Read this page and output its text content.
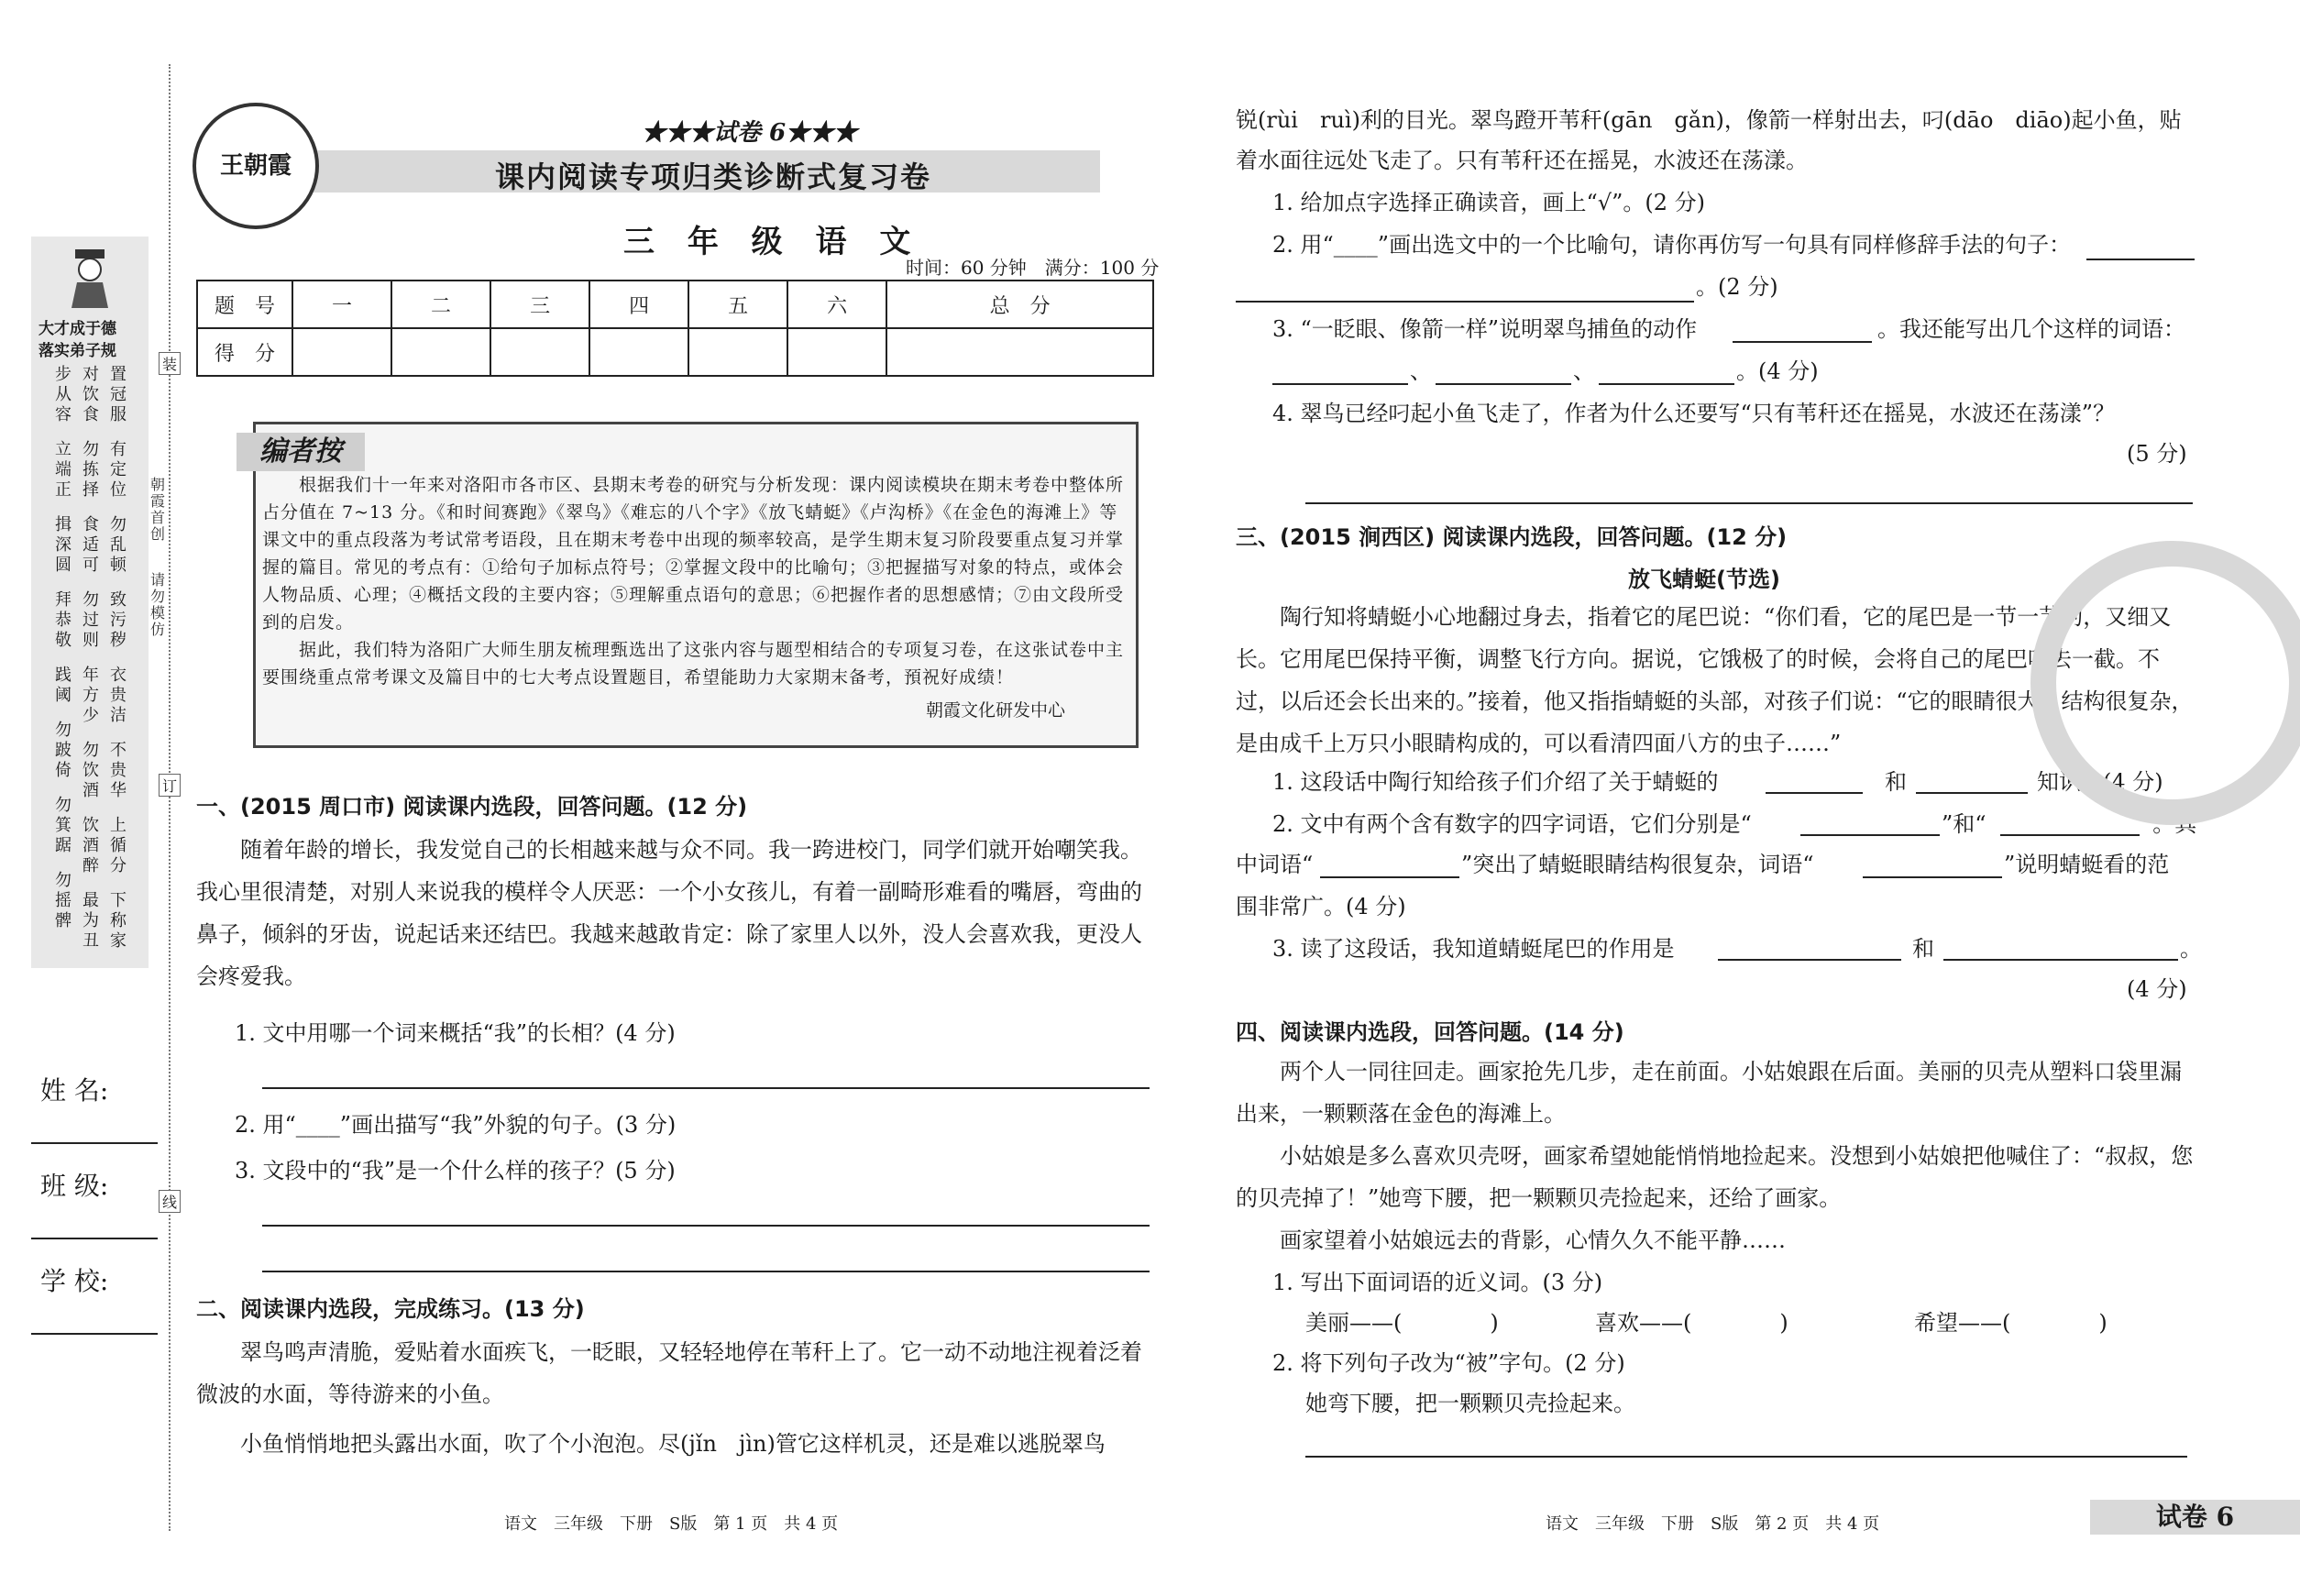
大才成于德
落实弟子规
步从容
立端正
揖深圆
拜恭敬
践阈
勿跛倚
勿箕踞
勿摇髀
对饮食
勿拣择
食适可
勿过则
年方少
勿饮酒
饮酒醉
最为丑
置冠服
有定位
勿乱顿
致污秽
衣贵洁
不贵华
上循分
下称家
装
订
线
朝霞首创
请勿模仿
姓 名:
班 级:
学 校:
王朝霞
★★★试卷 6★★★
课内阅读专项归类诊断式复习卷
三 年 级 语 文
时间：60 分钟　满分：100 分
题　号	一	二	三	四	五	六	总　分
得　分							
编者按
根据我们十一年来对洛阳市各市区、县期末考卷的研究与分析发现：课内阅读模块在期末考卷中整体所占分值在 7~13 分。《和时间赛跑》《翠鸟》《难忘的八个字》《放飞蜻蜓》《卢沟桥》《在金色的海滩上》等课文中的重点段落为考试常考语段，且在期末考卷中出现的频率较高，是学生期末复习阶段要重点复习并掌握的篇目。常见的考点有：①给句子加标点符号；②掌握文段中的比喻句；③把握描写对象的特点，或体会人物品质、心理；④概括文段的主要内容；⑤理解重点语句的意思；⑥把握作者的思想感情；⑦由文段所受到的启发。
据此，我们特为洛阳广大师生朋友梳理甄选出了这张内容与题型相结合的专项复习卷，在这张试卷中主要围绕重点常考课文及篇目中的七大考点设置题目，希望能助力大家期末备考，預祝好成绩！
朝霞文化研发中心
一、(2015 周口市) 阅读课内选段，回答问题。(12 分)
随着年龄的增长，我发觉自己的长相越来越与众不同。我一跨进校门，同学们就开始嘲笑我。我心里很清楚，对别人来说我的模样令人厌恶：一个小女孩儿，有着一副畸形难看的嘴唇，弯曲的鼻子，倾斜的牙齿，说起话来还结巴。我越来越敢肯定：除了家里人以外，没人会喜欢我，更没人会疼爱我。
1. 文中用哪一个词来概括“我”的长相？(4 分)
2. 用“____”画出描写“我”外貌的句子。(3 分)
3. 文段中的“我”是一个什么样的孩子？(5 分)
二、阅读课内选段，完成练习。(13 分)
翠鸟鸣声清脆，爱贴着水面疾飞，一眨眼，又轻轻地停在苇秆上了。它一动不动地注视着泛着微波的水面，等待游来的小鱼。
小鱼悄悄地把头露出水面，吹了个小泡泡。尽(jǐn　jìn)管它这样机灵，还是难以逃脱翠鸟
锐(rùi　ruì)利的目光。翠鸟蹬开苇秆(gān　gǎn)，像箭一样射出去，叼(dāo　diāo)起小鱼，贴
着水面往远处飞走了。只有苇秆还在摇晃，水波还在荡漾。
1. 给加点字选择正确读音，画上“√”。(2 分)
2. 用“____”画出选文中的一个比喻句，请你再仿写一句具有同样修辞手法的句子：
。(2 分)
3. “一眨眼、像箭一样”说明翠鸟捕鱼的动作	。我还能写出几个这样的词语：
、	、	。(4 分)
4. 翠鸟已经叼起小鱼飞走了，作者为什么还要写“只有苇秆还在摇晃，水波还在荡漾”？
(5 分)
三、(2015 涧西区) 阅读课内选段，回答问题。(12 分)
放飞蜻蜓(节选)
陶行知将蜻蜓小心地翻过身去，指着它的尾巴说：“你们看，它的尾巴是一节一节的，又细又长。它用尾巴保持平衡，调整飞行方向。据说，它饿极了的时候，会将自己的尾巴吃去一截。不过，以后还会长出来的。”接着，他又指指蜻蜓的头部，对孩子们说：“它的眼睛很大，结构很复杂，是由成千上万只小眼睛构成的，可以看清四面八方的虫子……”
1. 这段话中陶行知给孩子们介绍了关于蜻蜓的	和	知识。(4 分)
2. 文中有两个含有数字的四字词语，它们分别是“	”和“	”。其
中词语“	”突出了蜻蜓眼睛结构很复杂，词语“	”说明蜻蜓看的范
围非常广。(4 分)
3. 读了这段话，我知道蜻蜓尾巴的作用是	和	。
(4 分)
四、阅读课内选段，回答问题。(14 分)
两个人一同往回走。画家抢先几步，走在前面。小姑娘跟在后面。美丽的贝壳从塑料口袋里漏出来，一颗颗落在金色的海滩上。
小姑娘是多么喜欢贝壳呀，画家希望她能悄悄地捡起来。没想到小姑娘把他喊住了：“叔叔，您的贝壳掉了！”她弯下腰，把一颗颗贝壳捡起来，还给了画家。
画家望着小姑娘远去的背影，心情久久不能平静……
1. 写出下面词语的近义词。(3 分)
美丽——(　　　　)	喜欢——(　　　　)	希望——(　　　　)
2. 将下列句子改为“被”字句。(2 分)
她弯下腰，把一颗颗贝壳捡起来。
语文　三年级　下册　S版　第 1 页　共 4 页	语文　三年级　下册　S版　第 2 页　共 4 页	试卷 6
